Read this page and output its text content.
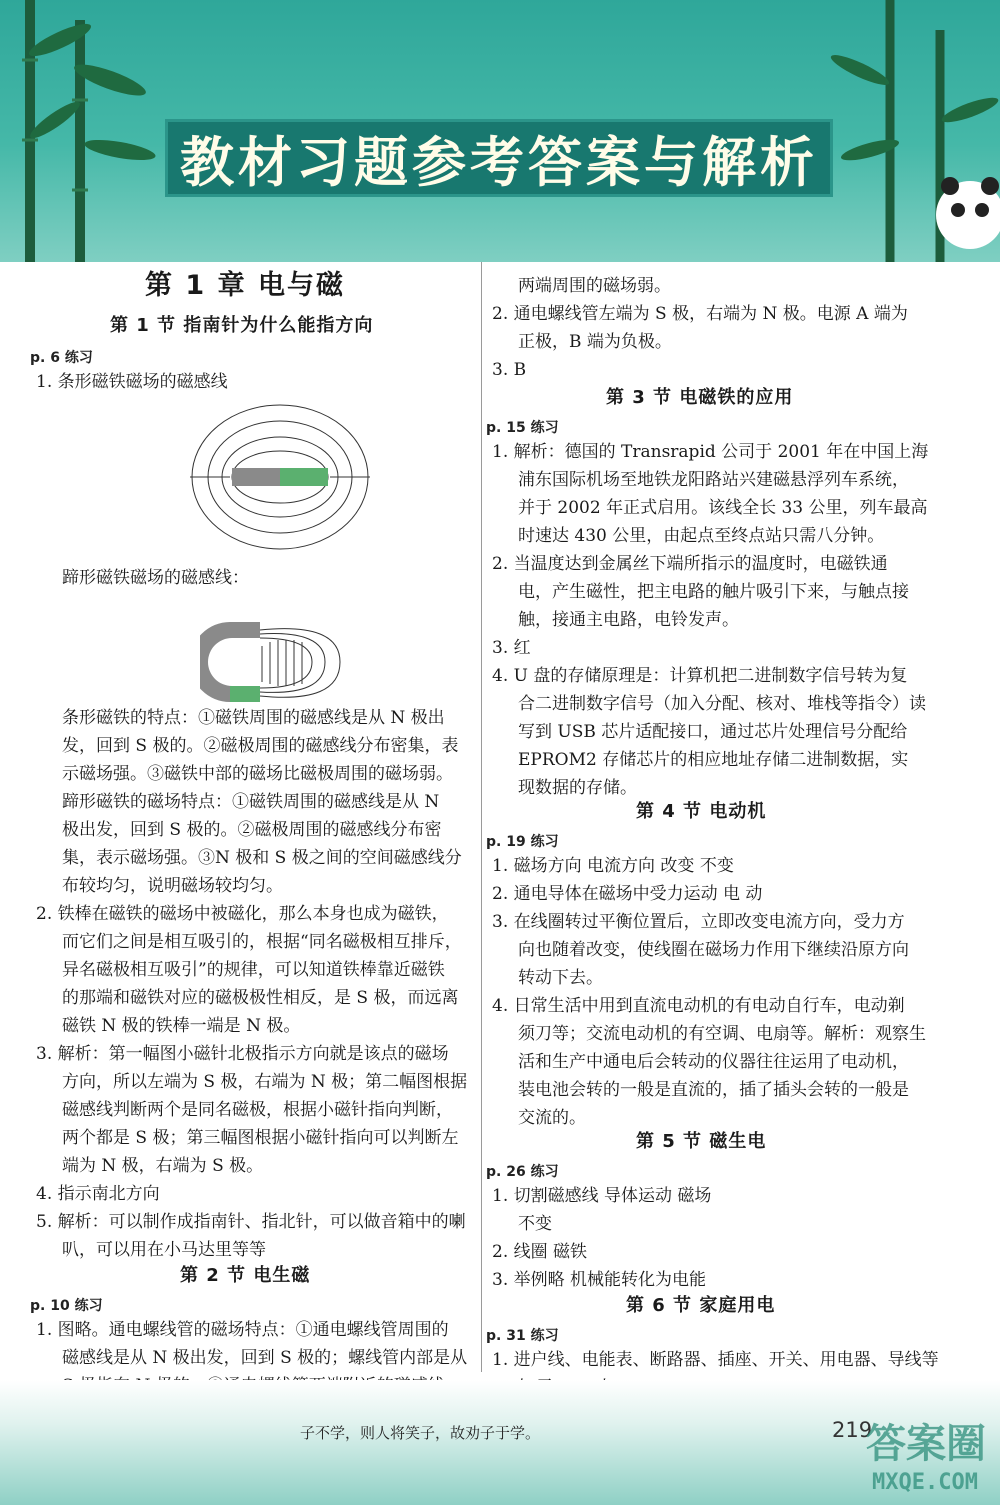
教材习题参考答案与解析
第 1 章 电与磁
第 1 节 指南针为什么能指方向
p. 6 练习
1. 条形磁铁磁场的磁感线
蹄形磁铁磁场的磁感线：
条形磁铁的特点：①磁铁周围的磁感线是从 N 极出
发，回到 S 极的。②磁极周围的磁感线分布密集，表
示磁场强。③磁铁中部的磁场比磁极周围的磁场弱。
蹄形磁铁的磁场特点：①磁铁周围的磁感线是从 N
极出发，回到 S 极的。②磁极周围的磁感线分布密
集，表示磁场强。③N 极和 S 极之间的空间磁感线分
布较均匀，说明磁场较均匀。
2. 铁棒在磁铁的磁场中被磁化，那么本身也成为磁铁，
而它们之间是相互吸引的，根据“同名磁极相互排斥，
异名磁极相互吸引”的规律，可以知道铁棒靠近磁铁
的那端和磁铁对应的磁极极性相反，是 S 极，而远离
磁铁 N 极的铁棒一端是 N 极。
3. 解析：第一幅图小磁针北极指示方向就是该点的磁场
方向，所以左端为 S 极，右端为 N 极；第二幅图根据
磁感线判断两个是同名磁极，根据小磁针指向判断，
两个都是 S 极；第三幅图根据小磁针指向可以判断左
端为 N 极，右端为 S 极。
4. 指示南北方向
5. 解析：可以制作成指南针、指北针，可以做音箱中的喇
叭，可以用在小马达里等等
第 2 节 电生磁
p. 10 练习
1. 图略。通电螺线管的磁场特点：①通电螺线管周围的
磁感线是从 N 极出发，回到 S 极的；螺线管内部是从
两端周围的磁场弱。
2. 通电螺线管左端为 S 极，右端为 N 极。电源 A 端为
正极，B 端为负极。
3. B
第 3 节 电磁铁的应用
p. 15 练习
1. 解析：德国的 Transrapid 公司于 2001 年在中国上海
浦东国际机场至地铁龙阳路站兴建磁悬浮列车系统，
并于 2002 年正式启用。该线全长 33 公里，列车最高
时速达 430 公里，由起点至终点站只需八分钟。
2. 当温度达到金属丝下端所指示的温度时，电磁铁通
电，产生磁性，把主电路的触片吸引下来，与触点接
触，接通主电路，电铃发声。
3. 红
4. U 盘的存储原理是：计算机把二进制数字信号转为复
合二进制数字信号（加入分配、核对、堆栈等指令）读
写到 USB 芯片适配接口，通过芯片处理信号分配给
EPROM2 存储芯片的相应地址存储二进制数据，实
现数据的存储。
第 4 节 电动机
p. 19 练习
1. 磁场方向 电流方向 改变 不变
2. 通电导体在磁场中受力运动 电 动
3. 在线圈转过平衡位置后，立即改变电流方向，受力方
向也随着改变，使线圈在磁场力作用下继续沿原方向
转动下去。
4. 日常生活中用到直流电动机的有电动自行车，电动剃
须刀等；交流电动机的有空调、电扇等。解析：观察生
活和生产中通电后会转动的仪器往往运用了电动机，
装电池会转的一般是直流的，插了插头会转的一般是
交流的。
第 5 节 磁生电
p. 26 练习
1. 切割磁感线 导体运动 磁场
不变
2. 线圈 磁铁
3. 举例略 机械能转化为电能
第 6 节 家庭用电
p. 31 练习
1. 进户线、电能表、断路器、插座、开关、用电器、导线等
子不学，则人将笑子，故劝子于学。	219
答案圈
MXQE.COM
